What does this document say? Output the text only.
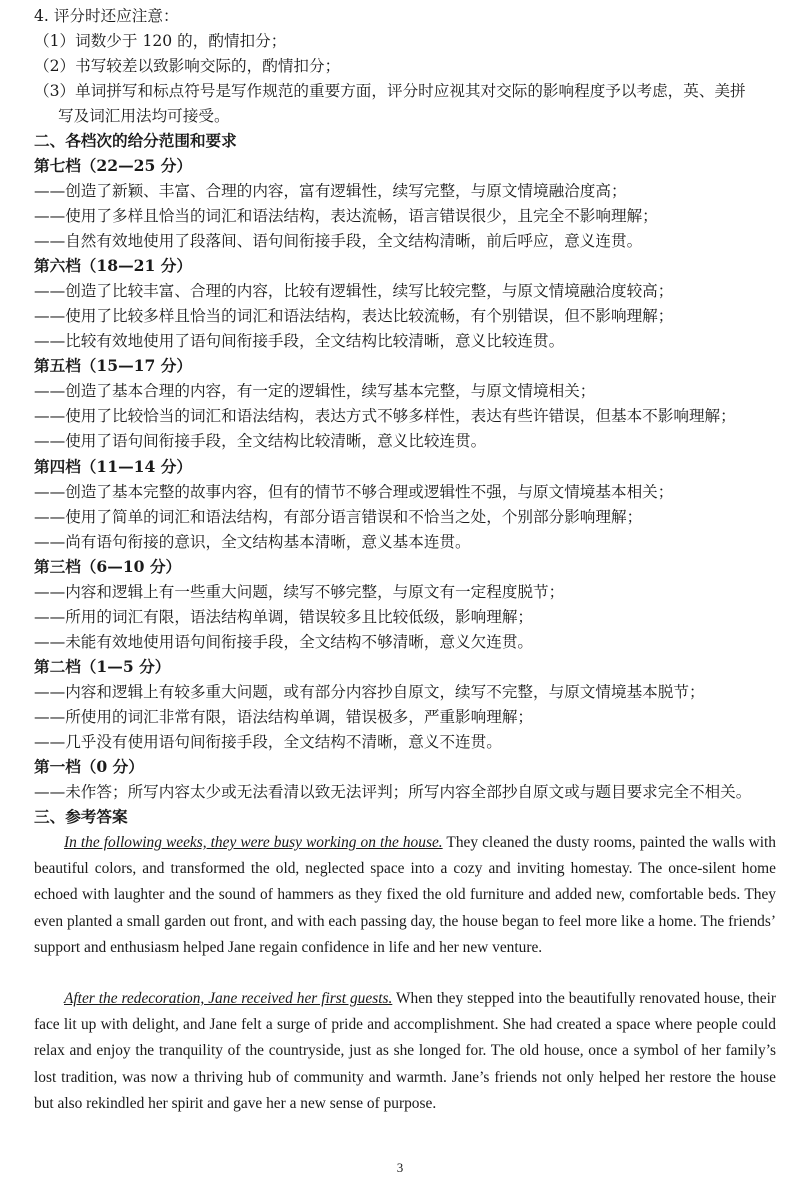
4. 评分时还应注意：
（1）词数少于 120 的，酌情扣分；
（2）书写较差以致影响交际的，酌情扣分；
（3）单词拼写和标点符号是写作规范的重要方面，评分时应视其对交际的影响程度予以考虑，英、美拼
写及词汇用法均可接受。
二、各档次的给分范围和要求
第七档（22—25 分）
——创造了新颖、丰富、合理的内容，富有逻辑性，续写完整，与原文情境融洽度高；
——使用了多样且恰当的词汇和语法结构，表达流畅，语言错误很少，且完全不影响理解；
——自然有效地使用了段落间、语句间衔接手段，全文结构清晰，前后呼应，意义连贯。
第六档（18—21 分）
——创造了比较丰富、合理的内容，比较有逻辑性，续写比较完整，与原文情境融洽度较高；
——使用了比较多样且恰当的词汇和语法结构，表达比较流畅，有个别错误，但不影响理解；
——比较有效地使用了语句间衔接手段，全文结构比较清晰，意义比较连贯。
第五档（15—17 分）
——创造了基本合理的内容，有一定的逻辑性，续写基本完整，与原文情境相关；
——使用了比较恰当的词汇和语法结构，表达方式不够多样性，表达有些许错误，但基本不影响理解；
——使用了语句间衔接手段，全文结构比较清晰，意义比较连贯。
第四档（11—14 分）
——创造了基本完整的故事内容，但有的情节不够合理或逻辑性不强，与原文情境基本相关；
——使用了简单的词汇和语法结构，有部分语言错误和不恰当之处，个别部分影响理解；
——尚有语句衔接的意识，全文结构基本清晰，意义基本连贯。
第三档（6—10 分）
——内容和逻辑上有一些重大问题，续写不够完整，与原文有一定程度脱节；
——所用的词汇有限，语法结构单调，错误较多且比较低级，影响理解；
——未能有效地使用语句间衔接手段，全文结构不够清晰，意义欠连贯。
第二档（1—5 分）
——内容和逻辑上有较多重大问题，或有部分内容抄自原文，续写不完整，与原文情境基本脱节；
——所使用的词汇非常有限，语法结构单调，错误极多，严重影响理解；
——几乎没有使用语句间衔接手段，全文结构不清晰，意义不连贯。
第一档（0 分）
——未作答；所写内容太少或无法看清以致无法评判；所写内容全部抄自原文或与题目要求完全不相关。
三、参考答案

In the following weeks, they were busy working on the house. They cleaned the dusty rooms, painted the walls with beautiful colors, and transformed the old, neglected space into a cozy and inviting homestay. The once-silent home echoed with laughter and the sound of hammers as they fixed the old furniture and added new, comfortable beds. They even planted a small garden out front, and with each passing day, the house began to feel more like a home. The friends’ support and enthusiasm helped Jane regain confidence in life and her new venture.

After the redecoration, Jane received her first guests. When they stepped into the beautifully renovated house, their face lit up with delight, and Jane felt a surge of pride and accomplishment. She had created a space where people could relax and enjoy the tranquility of the countryside, just as she longed for. The old house, once a symbol of her family’s lost tradition, was now a thriving hub of community and warmth. Jane’s friends not only helped her restore the house but also rekindled her spirit and gave her a new sense of purpose.

3
